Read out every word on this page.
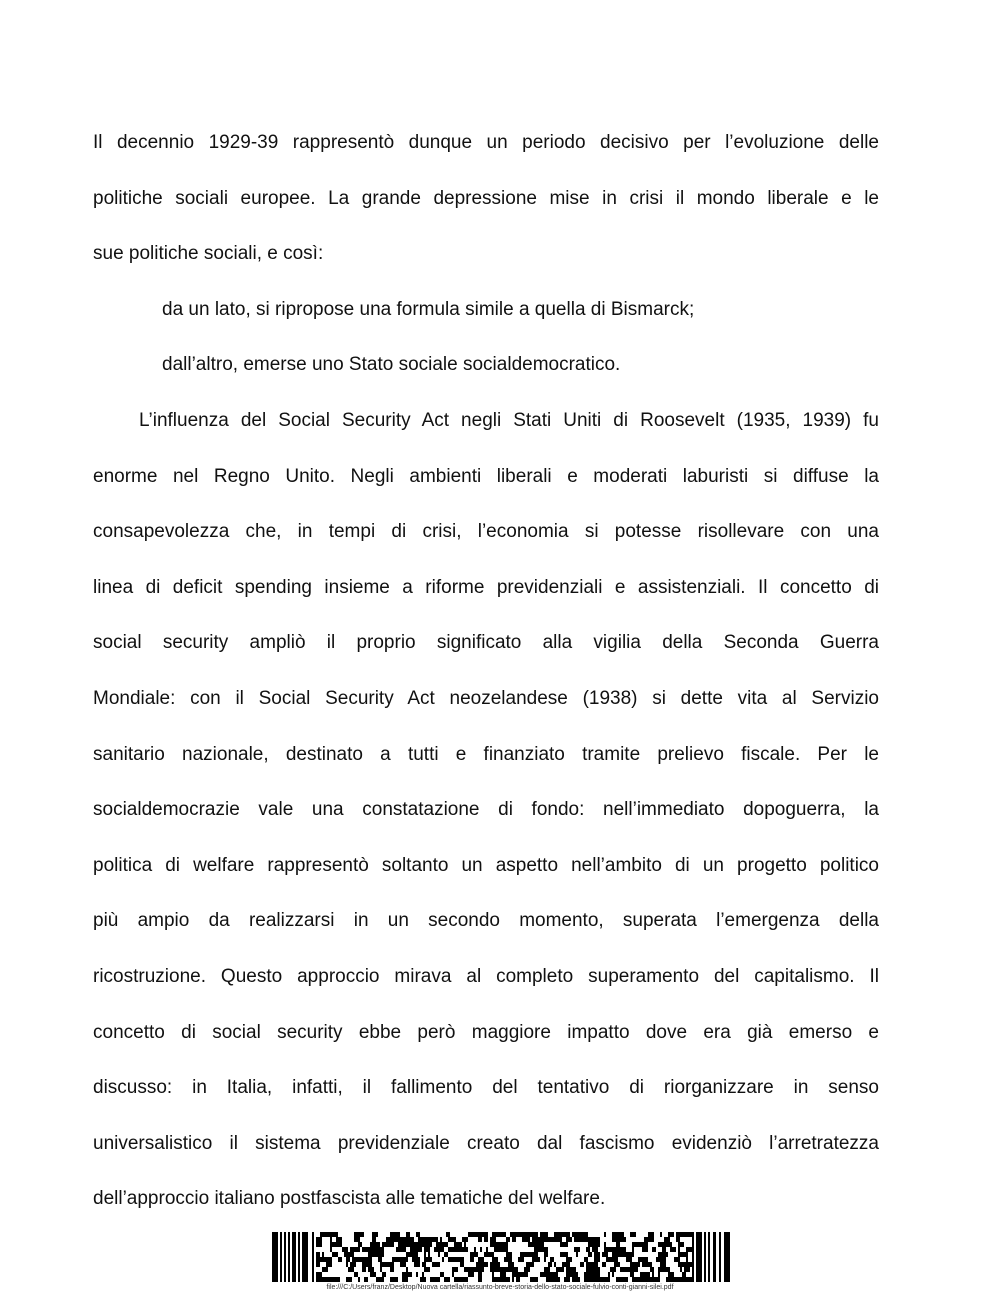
Il decennio 1929-39 rappresentò dunque un periodo decisivo per l’evoluzione delle
politiche sociali europee. La grande depressione mise in crisi il mondo liberale e le
sue politiche sociali, e così:
da un lato, si ripropose una formula simile a quella di Bismarck;
dall’altro, emerse uno Stato sociale socialdemocratico.
L’influenza del Social Security Act negli Stati Uniti di Roosevelt (1935, 1939) fu
enorme nel Regno Unito. Negli ambienti liberali e moderati laburisti si diffuse la
consapevolezza che, in tempi di crisi, l’economia si potesse risollevare con una
linea di deficit spending insieme a riforme previdenziali e assistenziali. Il concetto di
social security ampliò il proprio significato alla vigilia della Seconda Guerra
Mondiale: con il Social Security Act neozelandese (1938) si dette vita al Servizio
sanitario nazionale, destinato a tutti e finanziato tramite prelievo fiscale. Per le
socialdemocrazie vale una constatazione di fondo: nell’immediato dopoguerra, la
politica di welfare rappresentò soltanto un aspetto nell’ambito di un progetto politico
più ampio da realizzarsi in un secondo momento, superata l’emergenza della
ricostruzione. Questo approccio mirava al completo superamento del capitalismo. Il
concetto di social security ebbe però maggiore impatto dove era già emerso e
discusso: in Italia, infatti, il fallimento del tentativo di riorganizzare in senso
universalistico il sistema previdenziale creato dal fascismo evidenziò l’arretratezza
dell’approccio italiano postfascista alle tematiche del welfare.
file:///C:/Users/franz/Desktop/Nuova cartella/riassunto-breve-storia-dello-stato-sociale-fulvio-conti-gianni-silei.pdf
